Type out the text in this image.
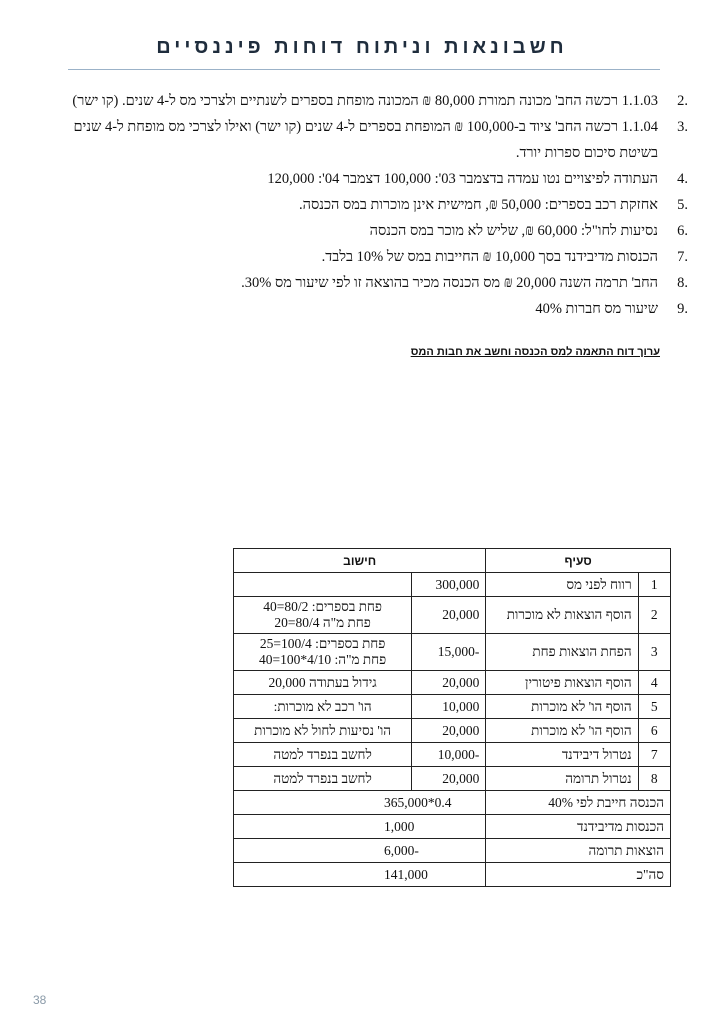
חשבונאות וניתוח דוחות פיננסיים
2.
1.1.03 רכשה החב' מכונה תמורת 80,000 ₪ המכונה מופחת בספרים לשנתיים ולצרכי מס ל-4 שנים. (קו ישר)
3.
1.1.04 רכשה החב' ציוד ב-100,000 ₪ המופחת בספרים ל-4 שנים (קו ישר) ואילו לצרכי מס מופחת ל-4 שנים בשיטת סיכום ספרות יורד.
4.
העתודה לפיצויים נטו עמדה בדצמבר 03': 100,000 דצמבר 04': 120,000
5.
אחזקת רכב בספרים: 50,000 ₪, חמישית אינן מוכרות במס הכנסה.
6.
נסיעות לחו"ל: 60,000 ₪, שליש לא מוכר במס הכנסה
7.
הכנסות מדיבידנד בסך 10,000 ₪ החייבות במס של 10% בלבד.
8.
החב' תרמה השנה 20,000 ₪ מס הכנסה מכיר בהוצאה זו לפי שיעור מס 30%.
9.
שיעור מס חברות 40%
ערוך דוח התאמה למס הכנסה וחשב את חבות המס
סעיף		חישוב	
1	רווח לפני מס	300,000	
2	הוסף הוצאות לא מוכרות	20,000	פחת בספרים: 80/2=40
פחת מ"ה 80/4=20

3	הפחת הוצאות פחת	-15,000	פחת בספרים: 100/4=25
פחת מ"ה: 4/10*100=40

4	הוסף הוצאות פיטורין	20,000	גידול בעתודה 20,000
5	הוסף הו' לא מוכרות	10,000	הו' רכב לא מוכרות:
6	הוסף הו' לא מוכרות	20,000	הו' נסיעות לחול לא מוכרות
7	נטרול דיבידנד	-10,000	לחשב בנפרד למטה
8	נטרול תרומה	20,000	לחשב בנפרד למטה
הכנסה חייבת לפי 40%		0.4*365,000	
הכנסות מדיבידנד		1,000	
הוצאות תרומה		-6,000	
סה"כ		141,000	
38
